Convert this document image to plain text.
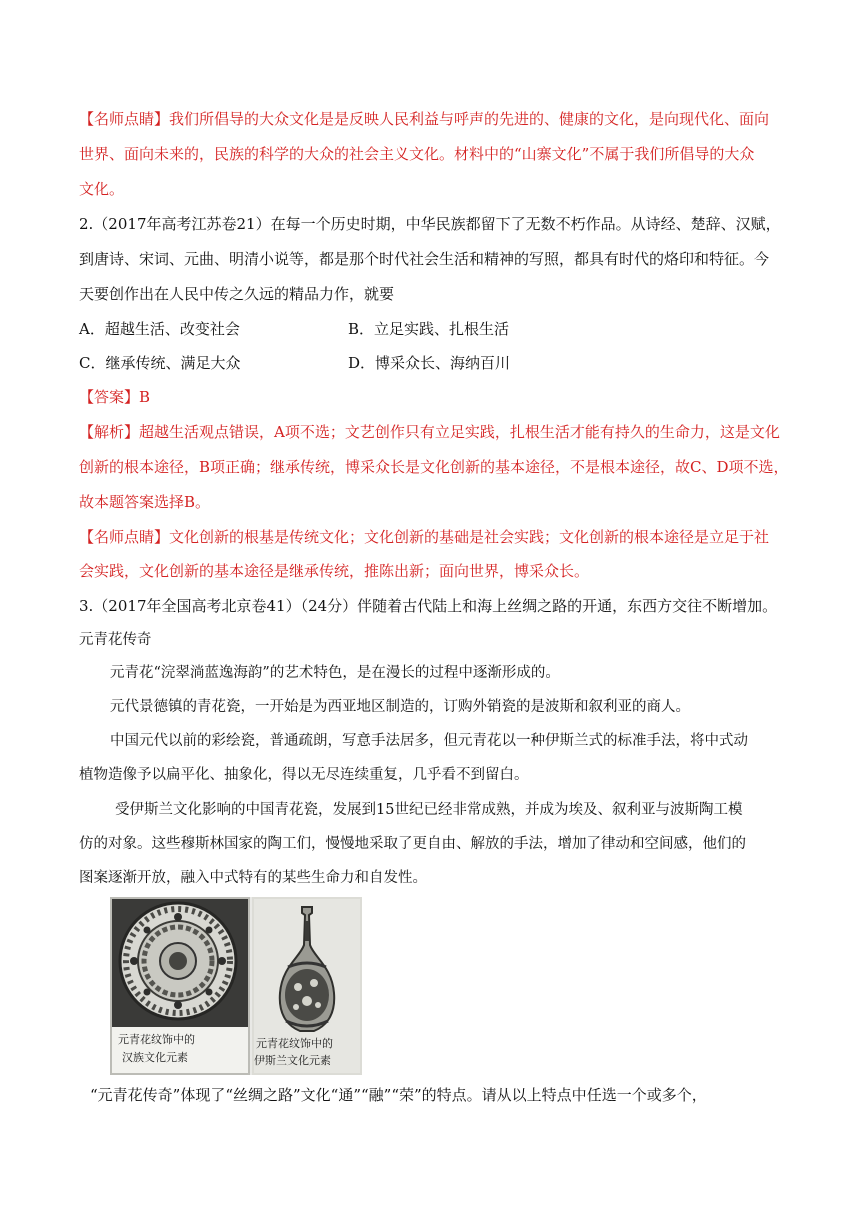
【名师点睛】我们所倡导的大众文化是是反映人民利益与呼声的先进的、健康的文化，是向现代化、面向
世界、面向未来的，民族的科学的大众的社会主义文化。材料中的“山寨文化”不属于我们所倡导的大众
文化。
2.（2017年高考江苏卷21）在每一个历史时期，中华民族都留下了无数不朽作品。从诗经、楚辞、汉赋，
到唐诗、宋词、元曲、明清小说等，都是那个时代社会生活和精神的写照，都具有时代的烙印和特征。今
天要创作出在人民中传之久远的精品力作，就要
A．超越生活、改变社会	B．立足实践、扎根生活
C．继承传统、满足大众	D．博采众长、海纳百川
【答案】B
【解析】超越生活观点错误，A项不选；文艺创作只有立足实践，扎根生活才能有持久的生命力，这是文化
创新的根本途径，B项正确；继承传统，博采众长是文化创新的基本途径，不是根本途径，故C、D项不选，
故本题答案选择B。
【名师点睛】文化创新的根基是传统文化；文化创新的基础是社会实践；文化创新的根本途径是立足于社
会实践，文化创新的基本途径是继承传统，推陈出新；面向世界，博采众长。
3.（2017年全国高考北京卷41）（24分）伴随着古代陆上和海上丝绸之路的开通，东西方交往不断增加。
元青花传奇
元青花“浣翠淌蓝逸海韵”的艺术特色，是在漫长的过程中逐渐形成的。
元代景德镇的青花瓷，一开始是为西亚地区制造的，订购外销瓷的是波斯和叙利亚的商人。
中国元代以前的彩绘瓷，普通疏朗，写意手法居多，但元青花以一种伊斯兰式的标准手法，将中式动
植物造像予以扁平化、抽象化，得以无尽连续重复，几乎看不到留白。
受伊斯兰文化影响的中国青花瓷，发展到15世纪已经非常成熟，并成为埃及、叙利亚与波斯陶工模
仿的对象。这些穆斯林国家的陶工们，慢慢地采取了更自由、解放的手法，增加了律动和空间感，他们的
图案逐渐开放，融入中式特有的某些生命力和自发性。
元青花纹饰中的
汉族文化元素
元青花纹饰中的
伊斯兰文化元素
“元青花传奇”体现了“丝绸之路”文化“通”“融”“荣”的特点。请从以上特点中任选一个或多个，
